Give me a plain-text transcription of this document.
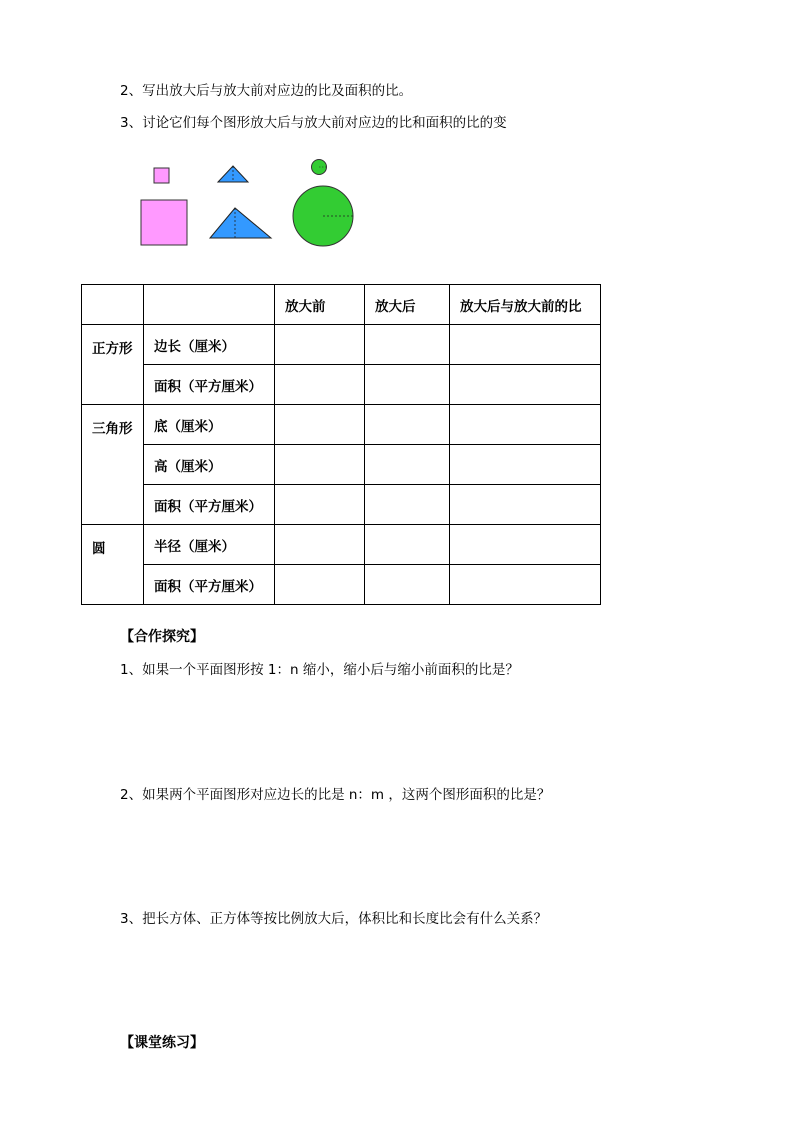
2、写出放大后与放大前对应边的比及面积的比。
3、讨论它们每个图形放大后与放大前对应边的比和面积的比的变
		放大前	放大后	放大后与放大前的比
正方形	边长（厘米）			
	面积（平方厘米）			
三角形	底（厘米）			
	高（厘米）			
	面积（平方厘米）			
圆	半径（厘米）			
	面积（平方厘米）			
【合作探究】
1、如果一个平面图形按 1：n 缩小，缩小后与缩小前面积的比是？
2、如果两个平面图形对应边长的比是 n：m ，这两个图形面积的比是？
3、把长方体、正方体等按比例放大后，体积比和长度比会有什么关系？
【课堂练习】
